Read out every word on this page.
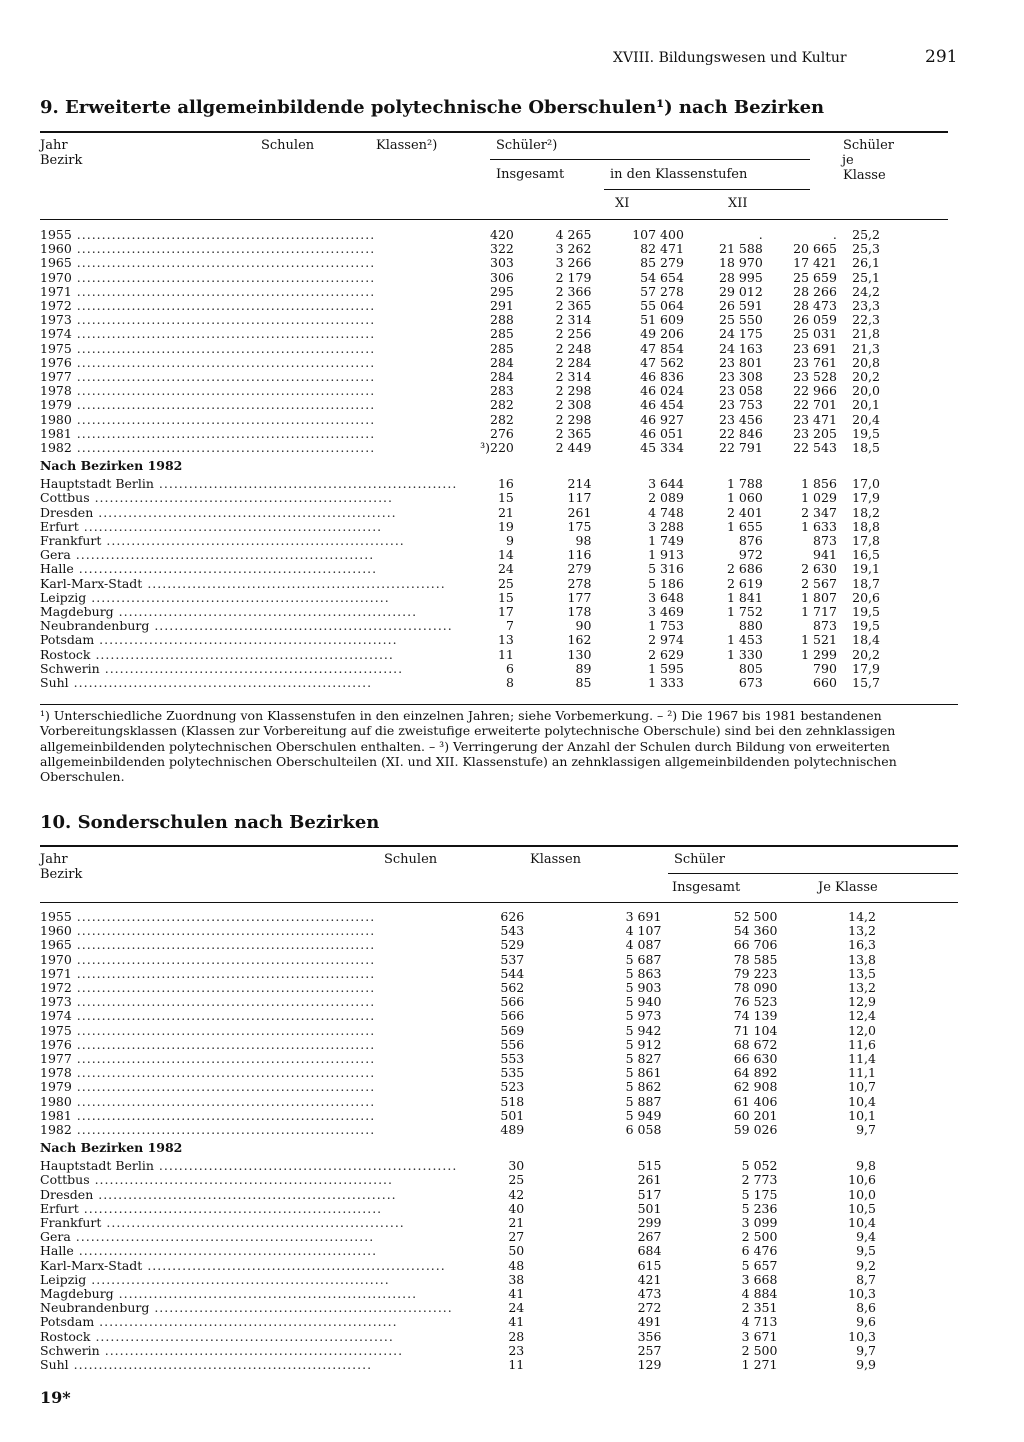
XVIII. Bildungswesen und Kultur	291
9. Erweiterte allgemeinbildende polytechnische Oberschulen¹) nach Bezirken
Jahr
Bezirk
Schulen	Klassen²)	Schüler²)
Insgesamt	in den Klassenstufen
XI	XII
Schüler
je
Klasse
1955 ............................................................	420	4 265	107 400	.	.	25,2
1960 ............................................................	322	3 262	82 471	21 588	20 665	25,3
1965 ............................................................	303	3 266	85 279	18 970	17 421	26,1
1970 ............................................................	306	2 179	54 654	28 995	25 659	25,1
1971 ............................................................	295	2 366	57 278	29 012	28 266	24,2
1972 ............................................................	291	2 365	55 064	26 591	28 473	23,3
1973 ............................................................	288	2 314	51 609	25 550	26 059	22,3
1974 ............................................................	285	2 256	49 206	24 175	25 031	21,8
1975 ............................................................	285	2 248	47 854	24 163	23 691	21,3
1976 ............................................................	284	2 284	47 562	23 801	23 761	20,8
1977 ............................................................	284	2 314	46 836	23 308	23 528	20,2
1978 ............................................................	283	2 298	46 024	23 058	22 966	20,0
1979 ............................................................	282	2 308	46 454	23 753	22 701	20,1
1980 ............................................................	282	2 298	46 927	23 456	23 471	20,4
1981 ............................................................	276	2 365	46 051	22 846	23 205	19,5
1982 ............................................................	³)220	2 449	45 334	22 791	22 543	18,5
Nach Bezirken 1982						
Hauptstadt Berlin ............................................................	16	214	3 644	1 788	1 856	17,0
Cottbus ............................................................	15	117	2 089	1 060	1 029	17,9
Dresden ............................................................	21	261	4 748	2 401	2 347	18,2
Erfurt ............................................................	19	175	3 288	1 655	1 633	18,8
Frankfurt ............................................................	9	98	1 749	876	873	17,8
Gera ............................................................	14	116	1 913	972	941	16,5
Halle ............................................................	24	279	5 316	2 686	2 630	19,1
Karl-Marx-Stadt ............................................................	25	278	5 186	2 619	2 567	18,7
Leipzig ............................................................	15	177	3 648	1 841	1 807	20,6
Magdeburg ............................................................	17	178	3 469	1 752	1 717	19,5
Neubrandenburg ............................................................	7	90	1 753	880	873	19,5
Potsdam ............................................................	13	162	2 974	1 453	1 521	18,4
Rostock ............................................................	11	130	2 629	1 330	1 299	20,2
Schwerin ............................................................	6	89	1 595	805	790	17,9
Suhl ............................................................	8	85	1 333	673	660	15,7
¹) Unterschiedliche Zuordnung von Klassenstufen in den einzelnen Jahren; siehe Vorbemerkung. – ²) Die 1967 bis 1981 bestandenen Vorbereitungsklassen (Klassen zur Vorbereitung auf die zweistufige erweiterte polytechnische Oberschule) sind bei den zehnklassigen allgemeinbildenden polytechnischen Oberschulen enthalten. – ³) Verringerung der Anzahl der Schulen durch Bildung von erweiterten allgemeinbildenden polytechnischen Oberschulteilen (XI. und XII. Klassenstufe) an zehnklassigen allgemeinbildenden polytechnischen Oberschulen.
10. Sonderschulen nach Bezirken
Jahr
Bezirk
Schulen	Klassen	Schüler
Insgesamt	Je Klasse
1955 ............................................................	626	3 691	52 500	14,2
1960 ............................................................	543	4 107	54 360	13,2
1965 ............................................................	529	4 087	66 706	16,3
1970 ............................................................	537	5 687	78 585	13,8
1971 ............................................................	544	5 863	79 223	13,5
1972 ............................................................	562	5 903	78 090	13,2
1973 ............................................................	566	5 940	76 523	12,9
1974 ............................................................	566	5 973	74 139	12,4
1975 ............................................................	569	5 942	71 104	12,0
1976 ............................................................	556	5 912	68 672	11,6
1977 ............................................................	553	5 827	66 630	11,4
1978 ............................................................	535	5 861	64 892	11,1
1979 ............................................................	523	5 862	62 908	10,7
1980 ............................................................	518	5 887	61 406	10,4
1981 ............................................................	501	5 949	60 201	10,1
1982 ............................................................	489	6 058	59 026	9,7
Nach Bezirken 1982				
Hauptstadt Berlin ............................................................	30	515	5 052	9,8
Cottbus ............................................................	25	261	2 773	10,6
Dresden ............................................................	42	517	5 175	10,0
Erfurt ............................................................	40	501	5 236	10,5
Frankfurt ............................................................	21	299	3 099	10,4
Gera ............................................................	27	267	2 500	9,4
Halle ............................................................	50	684	6 476	9,5
Karl-Marx-Stadt ............................................................	48	615	5 657	9,2
Leipzig ............................................................	38	421	3 668	8,7
Magdeburg ............................................................	41	473	4 884	10,3
Neubrandenburg ............................................................	24	272	2 351	8,6
Potsdam ............................................................	41	491	4 713	9,6
Rostock ............................................................	28	356	3 671	10,3
Schwerin ............................................................	23	257	2 500	9,7
Suhl ............................................................	11	129	1 271	9,9
19*
